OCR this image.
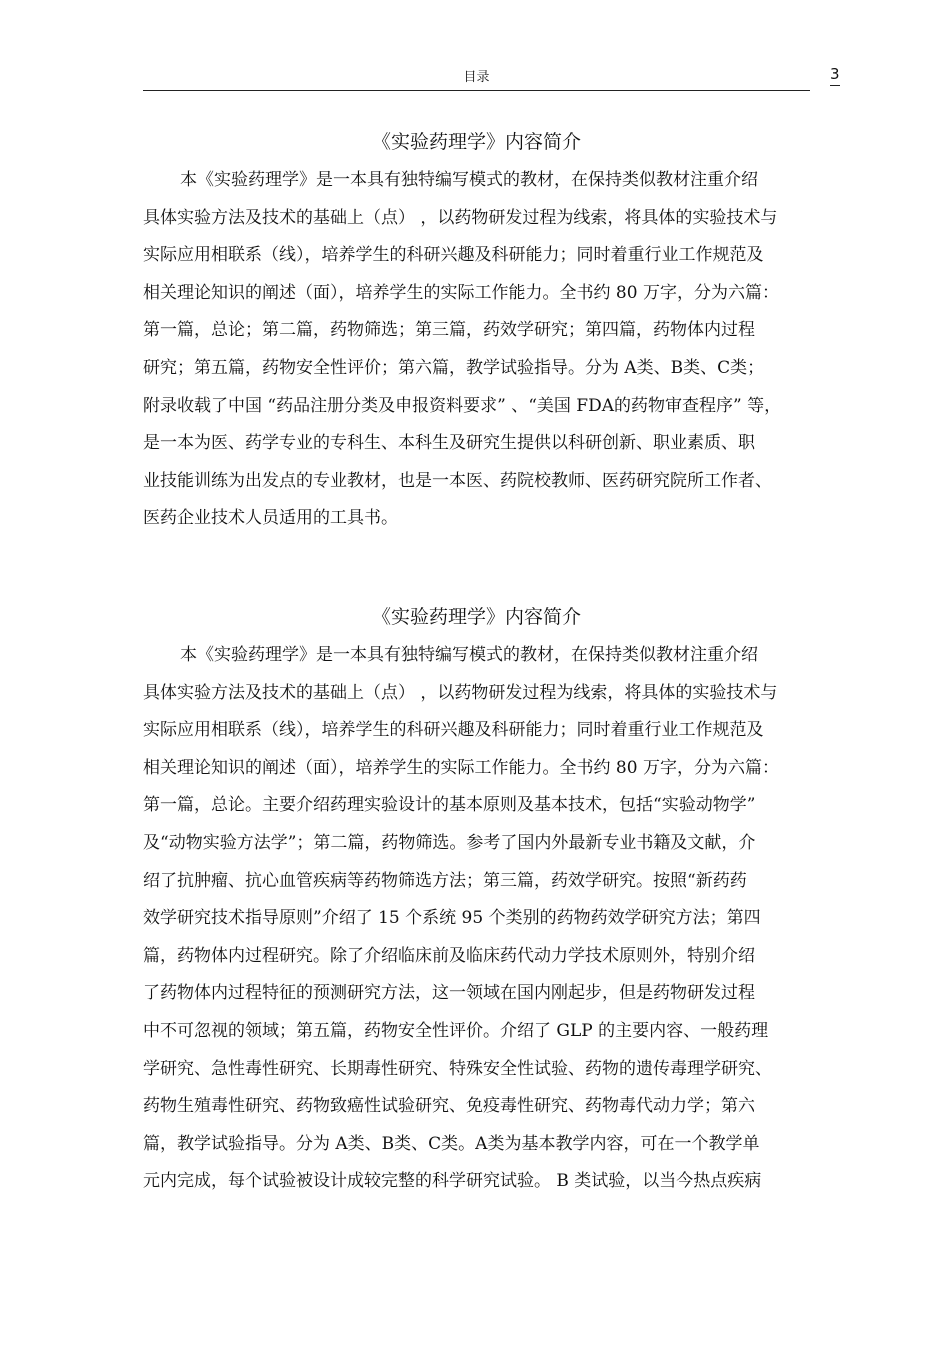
目录	3
《实验药理学》内容简介
本《实验药理学》是一本具有独特编写模式的教材，在保持类似教材注重介绍
具体实验方法及技术的基础上（点） ，以药物研发过程为线索，将具体的实验技术与
实际应用相联系（线），培养学生的科研兴趣及科研能力；同时着重行业工作规范及
相关理论知识的阐述（面），培养学生的实际工作能力。全书约 80 万字，分为六篇：
第一篇，总论；第二篇，药物筛选；第三篇，药效学研究；第四篇，药物体内过程
研究；第五篇，药物安全性评价；第六篇，教学试验指导。分为 A类、B类、C类；
附录收载了中国 “药品注册分类及申报资料要求” 、“美国 FDA的药物审查程序” 等，
是一本为医、药学专业的专科生、本科生及研究生提供以科研创新、职业素质、职
业技能训练为出发点的专业教材，也是一本医、药院校教师、医药研究院所工作者、
医药企业技术人员适用的工具书。
《实验药理学》内容简介
本《实验药理学》是一本具有独特编写模式的教材，在保持类似教材注重介绍
具体实验方法及技术的基础上（点） ，以药物研发过程为线索，将具体的实验技术与
实际应用相联系（线），培养学生的科研兴趣及科研能力；同时着重行业工作规范及
相关理论知识的阐述（面），培养学生的实际工作能力。全书约 80 万字，分为六篇：
第一篇，总论。主要介绍药理实验设计的基本原则及基本技术，包括“实验动物学”
及“动物实验方法学”；第二篇，药物筛选。参考了国内外最新专业书籍及文献，介
绍了抗肿瘤、抗心血管疾病等药物筛选方法；第三篇，药效学研究。按照“新药药
效学研究技术指导原则”介绍了 15 个系统 95 个类别的药物药效学研究方法；第四
篇，药物体内过程研究。除了介绍临床前及临床药代动力学技术原则外，特别介绍
了药物体内过程特征的预测研究方法，这一领域在国内刚起步，但是药物研发过程
中不可忽视的领域；第五篇，药物安全性评价。介绍了 GLP 的主要内容、一般药理
学研究、急性毒性研究、长期毒性研究、特殊安全性试验、药物的遗传毒理学研究、
药物生殖毒性研究、药物致癌性试验研究、免疫毒性研究、药物毒代动力学；第六
篇，教学试验指导。分为 A类、B类、C类。A类为基本教学内容，可在一个教学单
元内完成，每个试验被设计成较完整的科学研究试验。 B 类试验，以当今热点疾病
